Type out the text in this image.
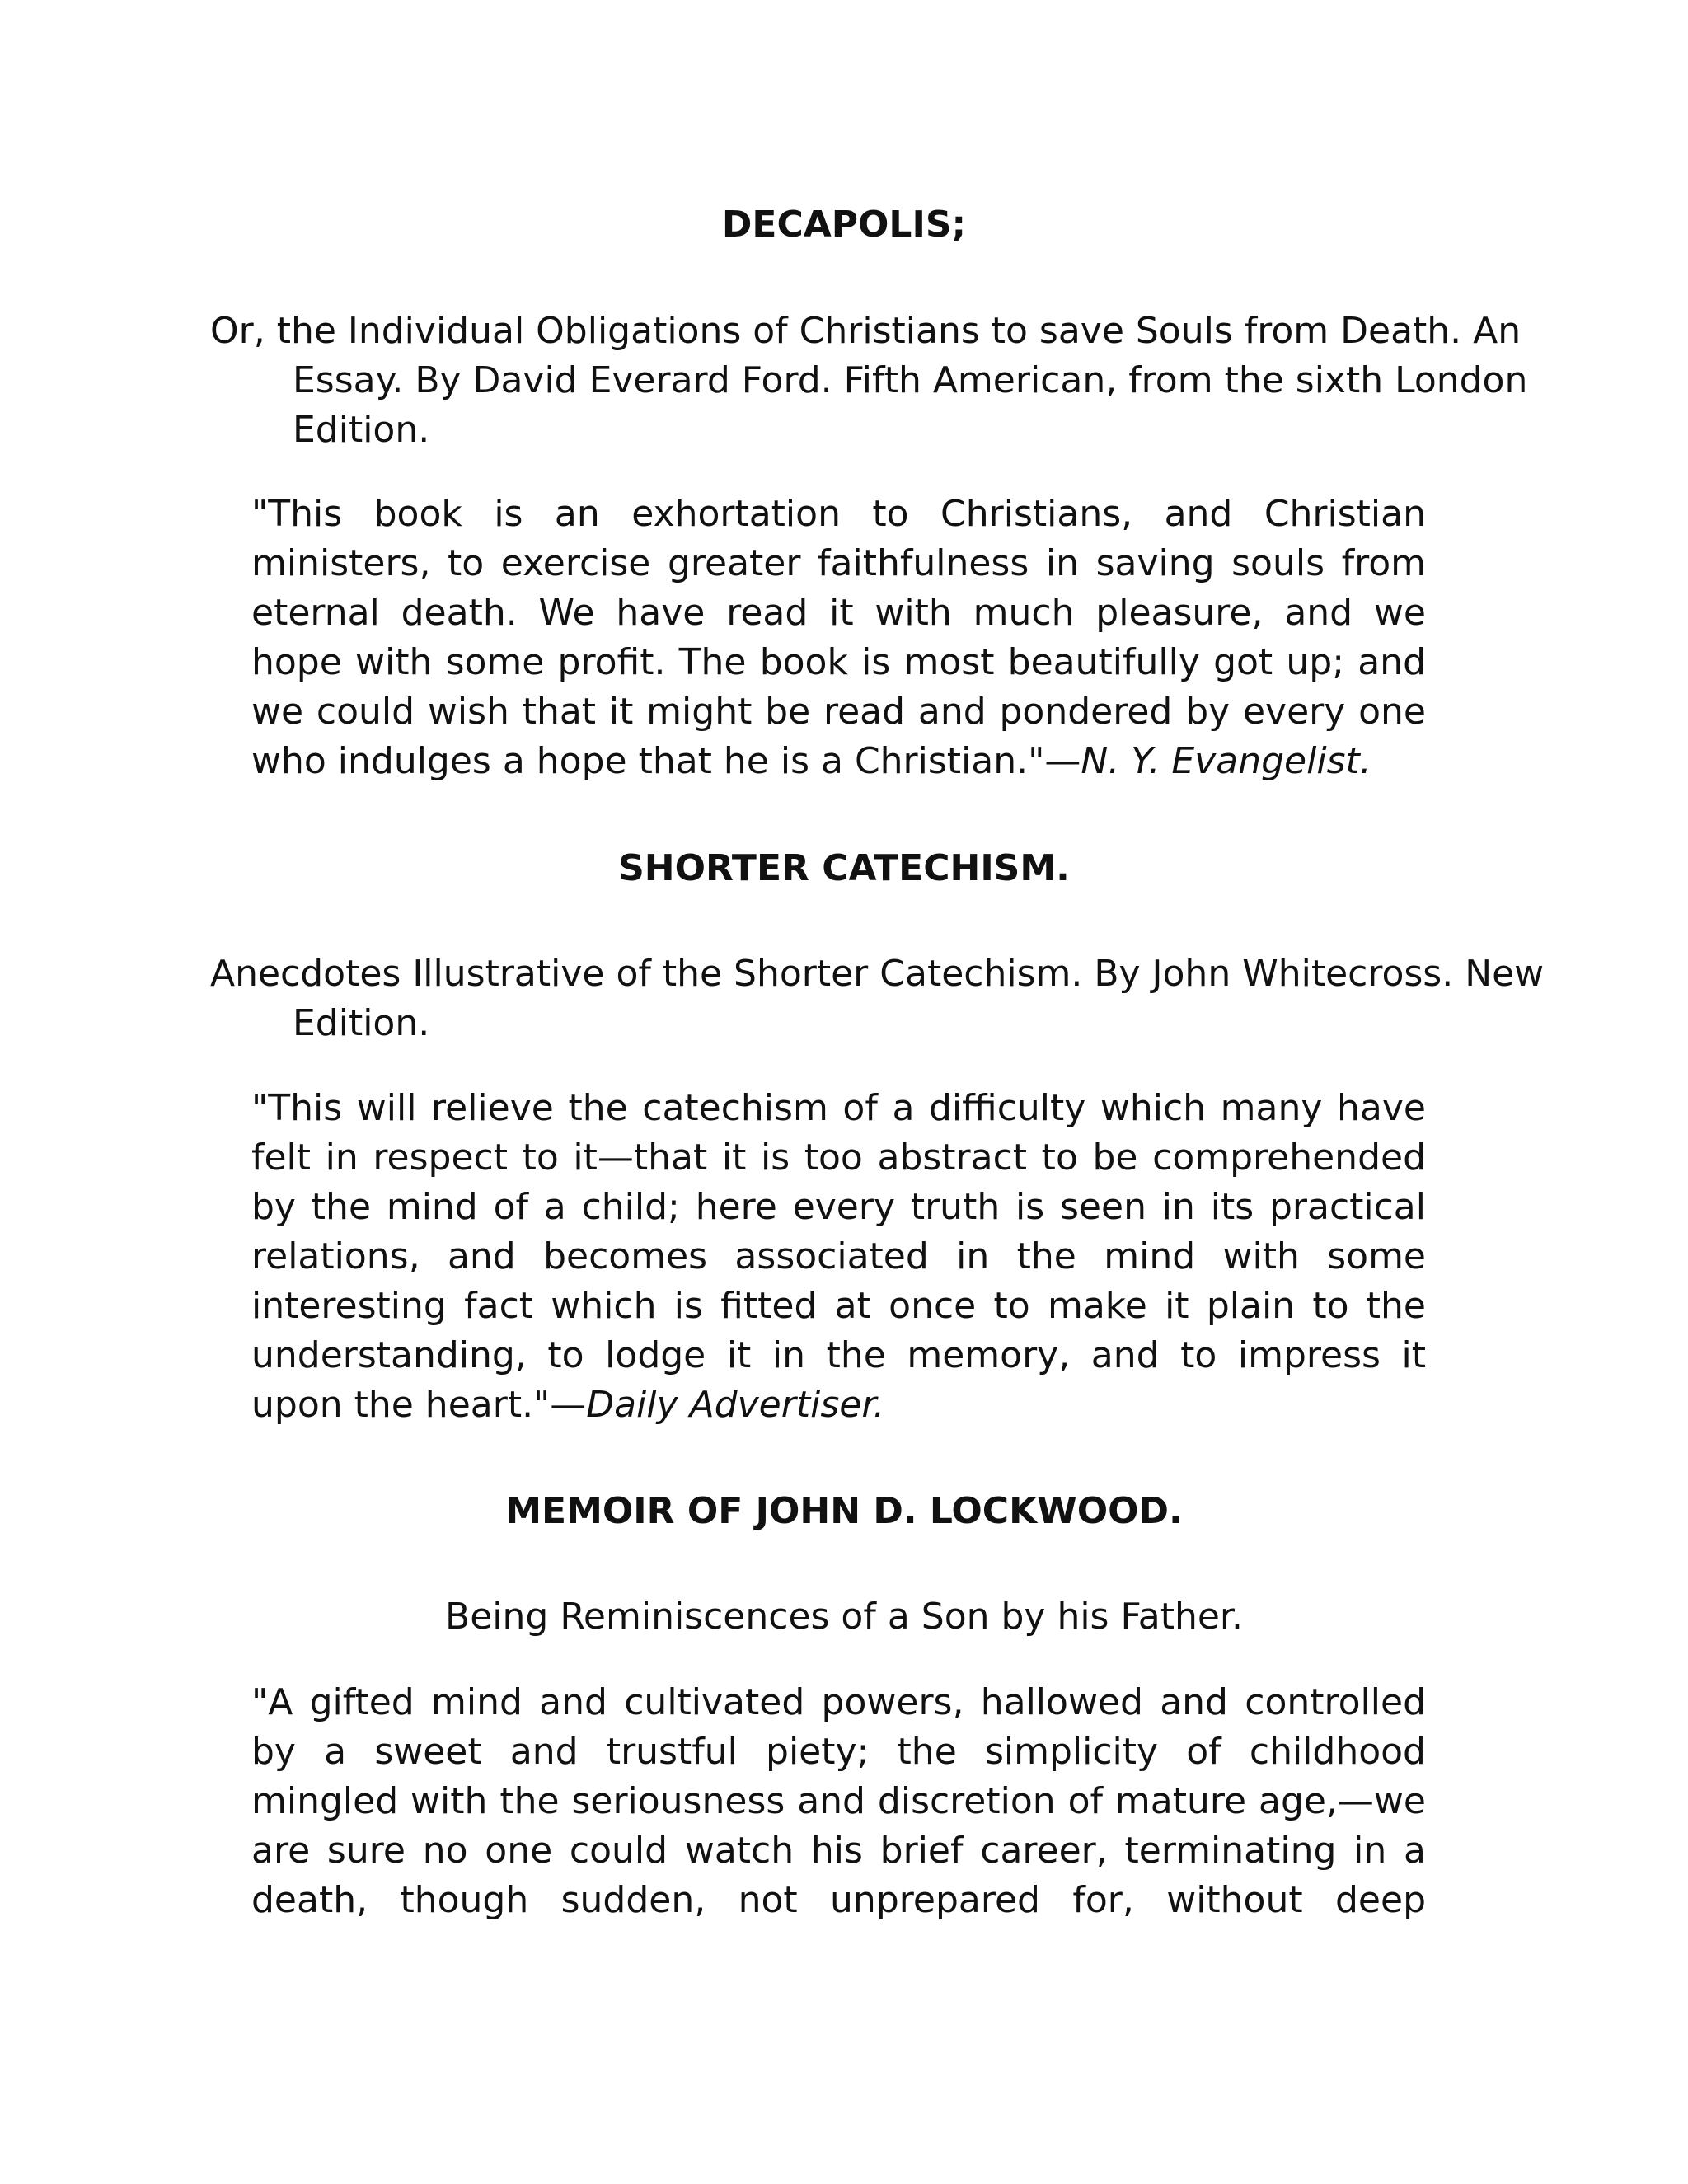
DECAPOLIS;

Or, the Individual Obligations of Christians to save Souls from Death. An Essay. By David Everard Ford. Fifth American, from the sixth London Edition.

"This book is an exhortation to Christians, and Christian ministers, to exercise greater faithfulness in saving souls from eternal death. We have read it with much pleasure, and we hope with some profit. The book is most beautifully got up; and we could wish that it might be read and pondered by every one who indulges a hope that he is a Christian."—N. Y. Evangelist.

SHORTER CATECHISM.

Anecdotes Illustrative of the Shorter Catechism. By John Whitecross. New Edition.

"This will relieve the catechism of a difficulty which many have felt in respect to it—that it is too abstract to be comprehended by the mind of a child; here every truth is seen in its practical relations, and becomes associated in the mind with some interesting fact which is fitted at once to make it plain to the understanding, to lodge it in the memory, and to impress it upon the heart."—Daily Advertiser.

MEMOIR OF JOHN D. LOCKWOOD.

Being Reminiscences of a Son by his Father.

"A gifted mind and cultivated powers, hallowed and controlled by a sweet and trustful piety; the simplicity of childhood mingled with the seriousness and discretion of mature age,—we are sure no one could watch his brief career, terminating in a death, though sudden, not unprepared for, without deep
